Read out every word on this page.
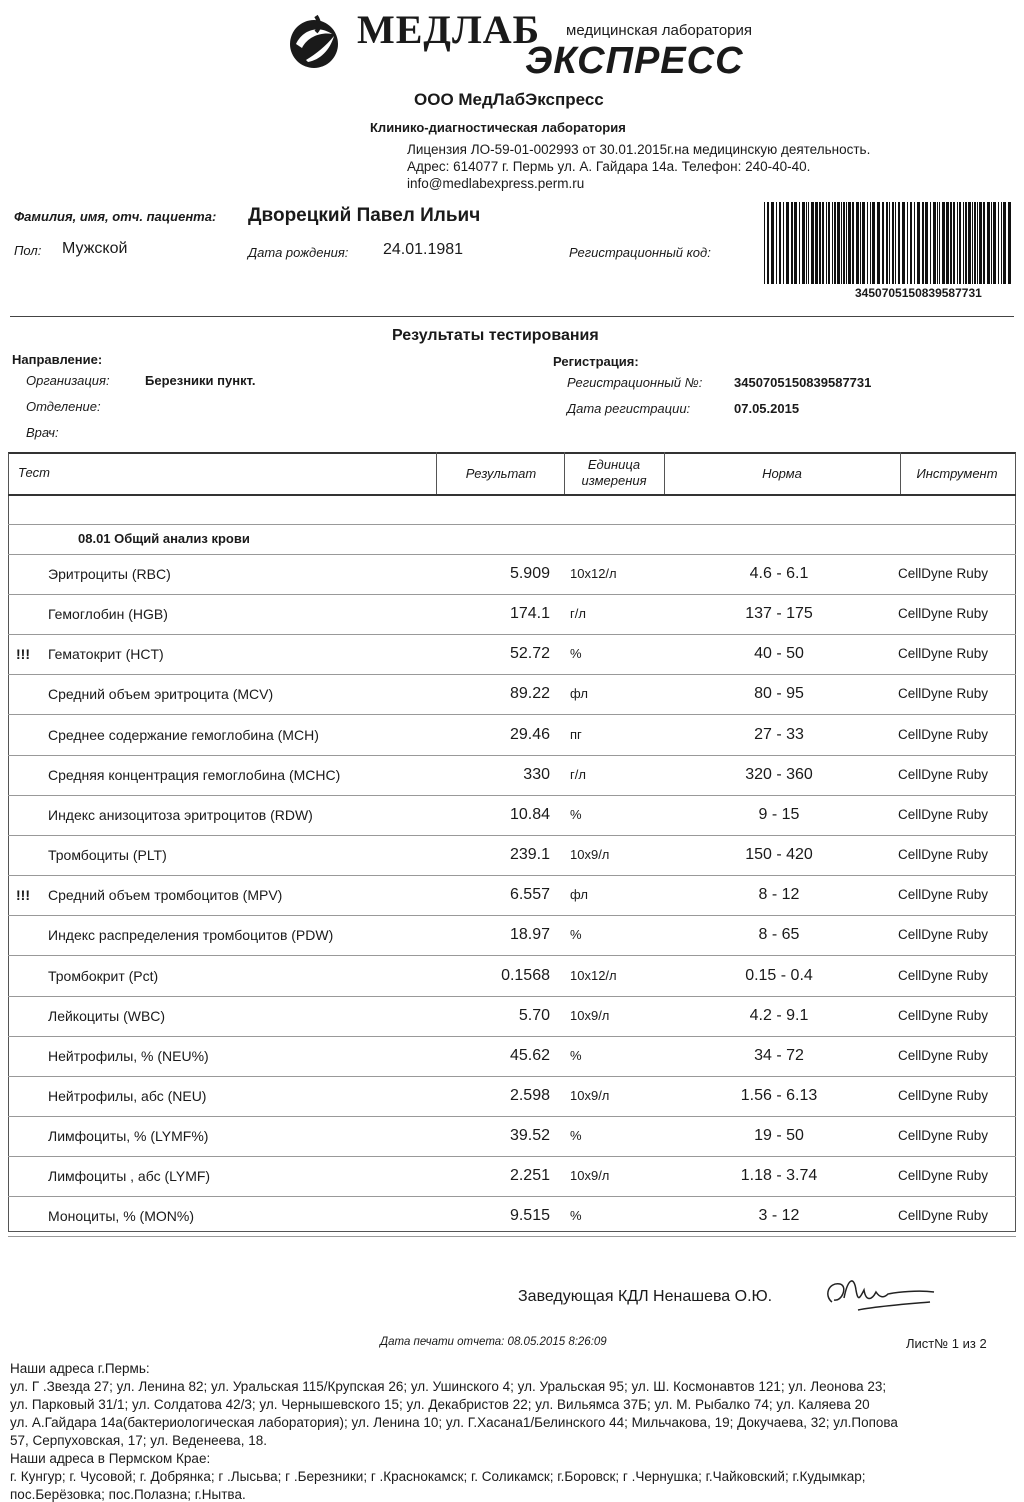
МЕДЛАБ медицинская лаборатория
ЭКСПРЕСС
ООО МедЛабЭкспресс
Клинико-диагностическая лаборатория
Лицензия ЛО-59-01-002993 от 30.01.2015г.на медицинскую деятельность.
Адрес: 614077 г. Пермь ул. А. Гайдара 14а. Телефон: 240-40-40.
info@medlabexpress.perm.ru
Фамилия, имя, отч. пациента: Дворецкий Павел Ильич
Пол: Мужской	Дата рождения: 24.01.1981	Регистрационный код:
3450705150839587731
Результаты тестирования
Направление:
Организация:	Березники пункт.
Отделение:
Врач:
Регистрация:
Регистрационный №: 3450705150839587731
Дата регистрации:	07.05.2015
Тест	Результат
Единица
измерения	Норма	Инструмент
08.01 Общий анализ крови
Эритроциты (RBC)	5.909 10x12/л	4.6 - 6.1	CellDyne Ruby
Гемоглобин (HGB)	174.1 г/л	137 - 175	CellDyne Ruby
!!! Гематокрит (HCT)	52.72 %	40 - 50	CellDyne Ruby
Средний объем эритроцита (MCV)	89.22 фл	80 - 95	CellDyne Ruby
Среднее содержание гемоглобина (MCH)	29.46 пг	27 - 33	CellDyne Ruby
Средняя концентрация гемоглобина (MCHC)	330 г/л	320 - 360	CellDyne Ruby
Индекс анизоцитоза эритроцитов (RDW)	10.84 %	9 - 15	CellDyne Ruby
Тромбоциты (PLT)	239.1 10x9/л	150 - 420	CellDyne Ruby
!!! Средний объем тромбоцитов (MPV)	6.557 фл	8 - 12	CellDyne Ruby
Индекс распределения тромбоцитов (PDW)	18.97 %	8 - 65	CellDyne Ruby
Тромбокрит (Pct)	0.1568 10x12/л	0.15 - 0.4	CellDyne Ruby
Лейкоциты (WBC)	5.70 10x9/л	4.2 - 9.1	CellDyne Ruby
Нейтрофилы, % (NEU%)	45.62 %	34 - 72	CellDyne Ruby
Нейтрофилы, абс (NEU)	2.598 10x9/л	1.56 - 6.13	CellDyne Ruby
Лимфоциты, % (LYMF%)	39.52 %	19 - 50	CellDyne Ruby
Лимфоциты , абс (LYMF)	2.251 10x9/л	1.18 - 3.74	CellDyne Ruby
Моноциты, % (MON%)	9.515 %	3 - 12	CellDyne Ruby
Заведующая КДЛ Ненашева О.Ю.
Дата печати отчета: 08.05.2015 8:26:09	Лист№ 1 из 2
Наши адреса г.Пермь:
ул. Г .Звезда 27; ул. Ленина 82; ул. Уральская 115/Крупская 26; ул. Ушинского 4; ул. Уральская 95; ул. Ш. Космонавтов 121; ул. Леонова 23;
ул. Парковый 31/1; ул. Солдатова 42/3; ул. Чернышевского 15; ул. Декабристов 22; ул. Вильямса 37Б; ул. М. Рыбалко 74; ул. Каляева 20
ул. А.Гайдара 14а(бактериологическая лаборатория); ул. Ленина 10; ул. Г.Хасана1/Белинского 44; Мильчакова, 19; Докучаева, 32; ул.Попова
57, Серпуховская, 17; ул. Веденеева, 18.
Наши адреса в Пермском Крае:
г. Кунгур; г. Чусовой; г. Добрянка; г .Лысьва; г .Березники; г .Краснокамск; г. Соликамск; г.Боровск; г .Чернушка; г.Чайковский; г.Кудымкар;
пос.Берёзовка; пос.Полазна; г.Нытва.
